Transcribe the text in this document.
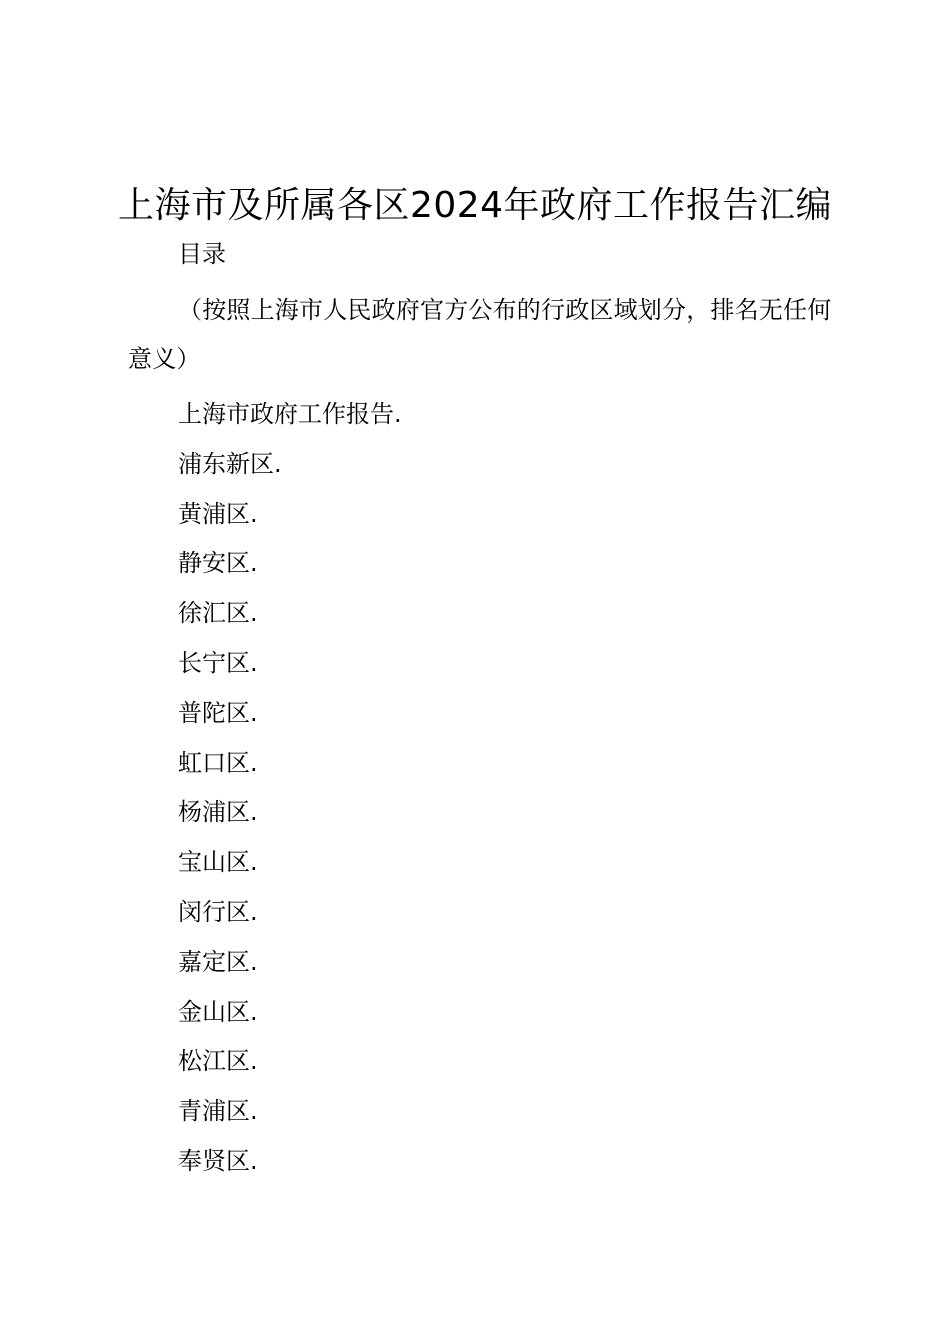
上海市及所属各区2024年政府工作报告汇编
目录
（按照上海市人民政府官方公布的行政区域划分，排名无任何意义）
上海市政府工作报告.
浦东新区.
黄浦区.
静安区.
徐汇区.
长宁区.
普陀区.
虹口区.
杨浦区.
宝山区.
闵行区.
嘉定区.
金山区.
松江区.
青浦区.
奉贤区.
